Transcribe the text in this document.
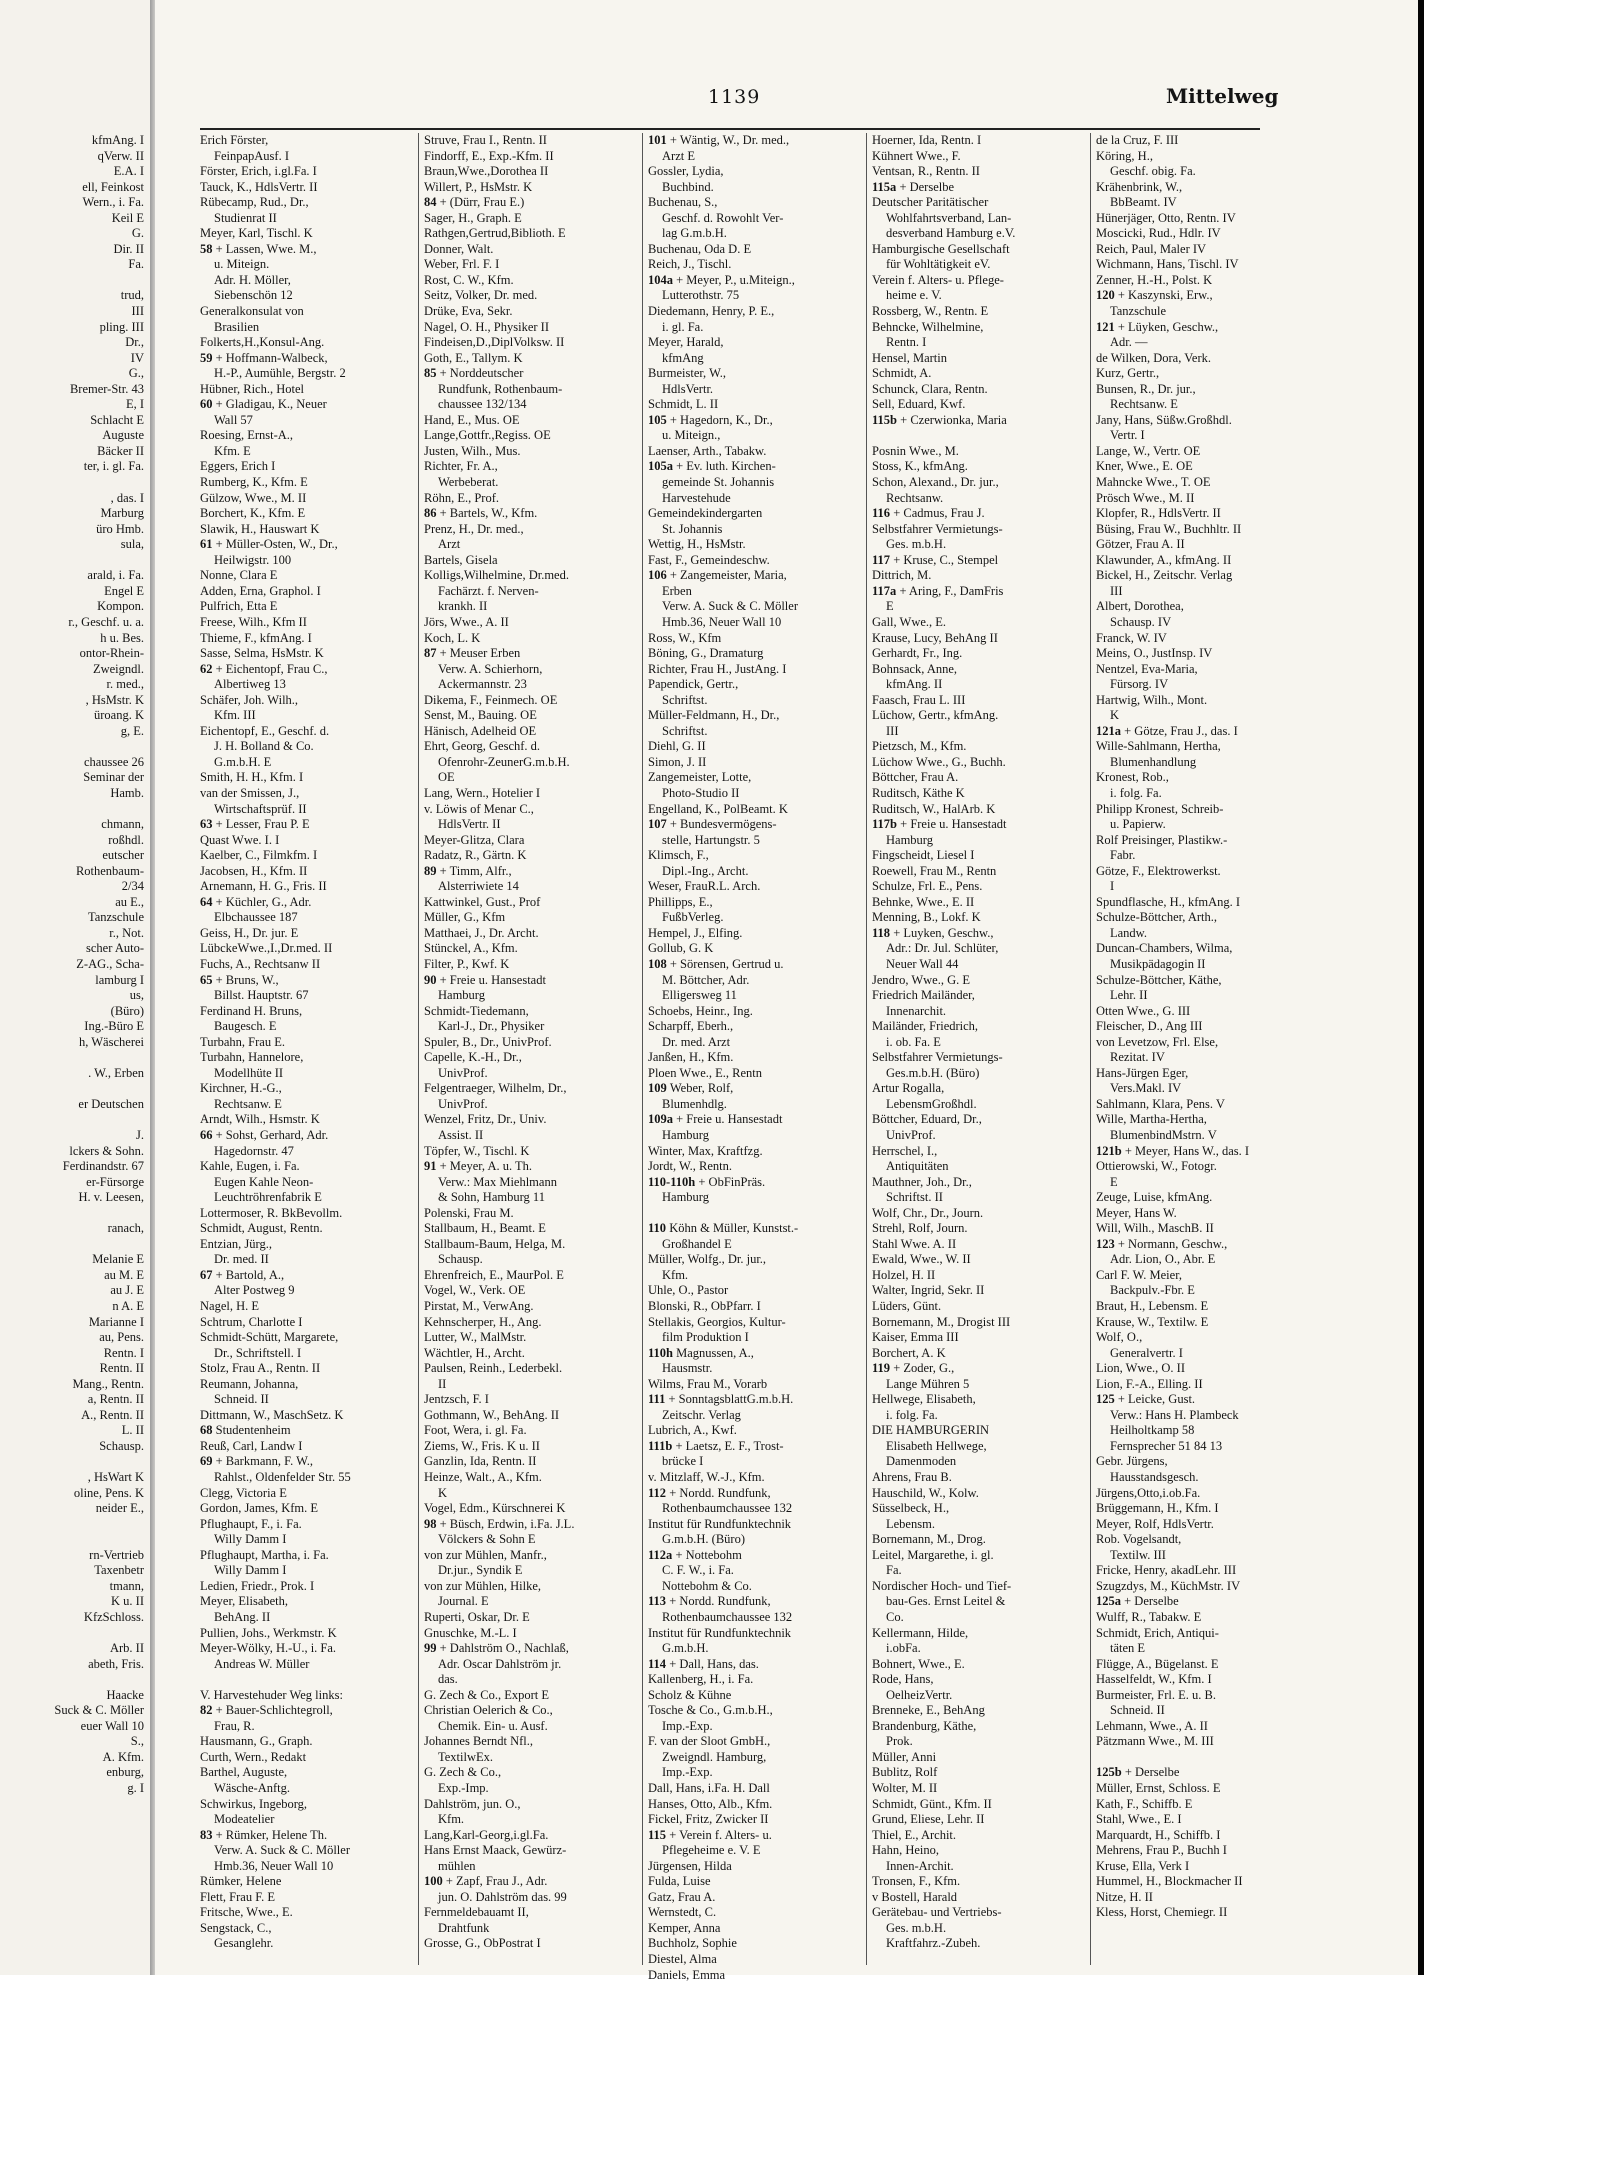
kfmAng. I

qVerw. II

E.A. I

ell, Feinkost

Wern., i. Fa.

Keil E

G.

Dir. II

Fa.

trud,

III

pling. III

Dr.,

IV

G.,

Bremer-Str. 43

E, I

Schlacht E

Auguste

Bäcker II

ter, i. gl. Fa.

, das. I

Marburg

üro Hmb.

sula,

arald, i. Fa.

Engel E

Kompon.

r., Geschf. u. a.

h u. Bes.

ontor-Rhein-

Zweigndl.

r. med.,

, HsMstr. K

üroang. K

g, E.

chaussee 26

Seminar der

Hamb.

chmann,

roßhdl.

eutscher

Rothenbaum-

2/34

au E.,

Tanzschule

r., Not.

scher Auto-

Z-AG., Scha-

lamburg I

us,

(Büro)

Ing.-Büro E

h, Wäscherei

. W., Erben

er Deutschen

J.

lckers & Sohn.

Ferdinandstr. 67

er-Fürsorge

H. v. Leesen,

ranach,

Melanie E

au M. E

au J. E

n A. E

Marianne I

au, Pens.

Rentn. I

Rentn. II

Mang., Rentn.

a, Rentn. II

A., Rentn. II

L. II

Schausp.

, HsWart K

oline, Pens. K

neider E.,

rn-Vertrieb

Taxenbetr

tmann,

K u. II

KfzSchloss.

Arb. II

abeth, Fris.

Haacke

Suck & C. Möller

euer Wall 10

S.,

A. Kfm.

enburg,

g. I

1139	Mittelweg

Erich Förster,

FeinpapAusf. I

Förster, Erich, i.gl.Fa. I

Tauck, K., HdlsVertr. II

Rübecamp, Rud., Dr.,

Studienrat II

Meyer, Karl, Tischl. K

58 + Lassen, Wwe. M.,

u. Miteign.

Adr. H. Möller,

Siebenschön 12

Generalkonsulat von

Brasilien

Folkerts,H.,Konsul-Ang.

59 + Hoffmann-Walbeck,

H.-P., Aumühle, Bergstr. 2

Hübner, Rich., Hotel

60 + Gladigau, K., Neuer

Wall 57

Roesing, Ernst-A.,

Kfm. E

Eggers, Erich I

Rumberg, K., Kfm. E

Gülzow, Wwe., M. II

Borchert, K., Kfm. E

Slawik, H., Hauswart K

61 + Müller-Osten, W., Dr.,

Heilwigstr. 100

Nonne, Clara E

Adden, Erna, Graphol. I

Pulfrich, Etta E

Freese, Wilh., Kfm II

Thieme, F., kfmAng. I

Sasse, Selma, HsMstr. K

62 + Eichentopf, Frau C.,

Albertiweg 13

Schäfer, Joh. Wilh.,

Kfm. III

Eichentopf, E., Geschf. d.

J. H. Bolland & Co.

G.m.b.H. E

Smith, H. H., Kfm. I

van der Smissen, J.,

Wirtschaftsprüf. II

63 + Lesser, Frau P. E

Quast Wwe. I. I

Kaelber, C., Filmkfm. I

Jacobsen, H., Kfm. II

Arnemann, H. G., Fris. II

64 + Küchler, G., Adr.

Elbchaussee 187

Geiss, H., Dr. jur. E

LübckeWwe.,I.,Dr.med. II

Fuchs, A., Rechtsanw II

65 + Bruns, W.,

Billst. Hauptstr. 67

Ferdinand H. Bruns,

Baugesch. E

Turbahn, Frau E.

Turbahn, Hannelore,

Modellhüte II

Kirchner, H.-G.,

Rechtsanw. E

Arndt, Wilh., Hsmstr. K

66 + Sohst, Gerhard, Adr.

Hagedornstr. 47

Kahle, Eugen, i. Fa.

Eugen Kahle Neon-

Leuchtröhrenfabrik E

Lottermoser, R. BkBevollm.

Schmidt, August, Rentn.

Entzian, Jürg.,

Dr. med. II

67 + Bartold, A.,

Alter Postweg 9

Nagel, H. E

Schtrum, Charlotte I

Schmidt-Schütt, Margarete,

Dr., Schriftstell. I

Stolz, Frau A., Rentn. II

Reumann, Johanna,

Schneid. II

Dittmann, W., MaschSetz. K

68 Studentenheim

Reuß, Carl, Landw I

69 + Barkmann, F. W.,

Rahlst., Oldenfelder Str. 55

Clegg, Victoria E

Gordon, James, Kfm. E

Pflughaupt, F., i. Fa.

Willy Damm I

Pflughaupt, Martha, i. Fa.

Willy Damm I

Ledien, Friedr., Prok. I

Meyer, Elisabeth,

BehAng. II

Pullien, Johs., Werkmstr. K

Meyer-Wölky, H.-U., i. Fa.

Andreas W. Müller

V. Harvestehuder Weg links:

82 + Bauer-Schlichtegroll,

Frau, R.

Hausmann, G., Graph.

Curth, Wern., Redakt

Barthel, Auguste,

Wäsche-Anftg.

Schwirkus, Ingeborg,

Modeatelier

83 + Rümker, Helene Th.

Verw. A. Suck & C. Möller

Hmb.36, Neuer Wall 10

Rümker, Helene

Flett, Frau F. E

Fritsche, Wwe., E.

Sengstack, C.,

Gesanglehr.

Struve, Frau I., Rentn. II

Findorff, E., Exp.-Kfm. II

Braun,Wwe.,Dorothea II

Willert, P., HsMstr. K

84 + (Dürr, Frau E.)

Sager, H., Graph. E

Rathgen,Gertrud,Biblioth. E

Donner, Walt.

Weber, Frl. F. I

Rost, C. W., Kfm.

Seitz, Volker, Dr. med.

Drüke, Eva, Sekr.

Nagel, O. H., Physiker II

Findeisen,D.,DiplVolksw. II

Goth, E., Tallym. K

85 + Norddeutscher

Rundfunk, Rothenbaum-

chaussee 132/134

Hand, E., Mus. OE

Lange,Gottfr.,Regiss. OE

Justen, Wilh., Mus.

Richter, Fr. A.,

Werbeberat.

Röhn, E., Prof.

86 + Bartels, W., Kfm.

Prenz, H., Dr. med.,

Arzt

Bartels, Gisela

Kolligs,Wilhelmine, Dr.med.

Fachärzt. f. Nerven-

krankh. II

Jörs, Wwe., A. II

Koch, L. K

87 + Meuser Erben

Verw. A. Schierhorn,

Ackermannstr. 23

Dikema, F., Feinmech. OE

Senst, M., Bauing. OE

Hänisch, Adelheid OE

Ehrt, Georg, Geschf. d.

Ofenrohr-ZeunerG.m.b.H.

OE

Lang, Wern., Hotelier I

v. Löwis of Menar C.,

HdlsVertr. II

Meyer-Glitza, Clara

Radatz, R., Gärtn. K

89 + Timm, Alfr.,

Alsterriwiete 14

Kattwinkel, Gust., Prof

Müller, G., Kfm

Matthaei, J., Dr. Archt.

Stünckel, A., Kfm.

Filter, P., Kwf. K

90 + Freie u. Hansestadt

Hamburg

Schmidt-Tiedemann,

Karl-J., Dr., Physiker

Spuler, B., Dr., UnivProf.

Capelle, K.-H., Dr.,

UnivProf.

Felgentraeger, Wilhelm, Dr.,

UnivProf.

Wenzel, Fritz, Dr., Univ.

Assist. II

Töpfer, W., Tischl. K

91 + Meyer, A. u. Th.

Verw.: Max Miehlmann

& Sohn, Hamburg 11

Polenski, Frau M.

Stallbaum, H., Beamt. E

Stallbaum-Baum, Helga, M.

Schausp.

Ehrenfreich, E., MaurPol. E

Vogel, W., Verk. OE

Pirstat, M., VerwAng.

Kehnscherper, H., Ang.

Lutter, W., MalMstr.

Wächtler, H., Archt.

Paulsen, Reinh., Lederbekl.

II

Jentzsch, F. I

Gothmann, W., BehAng. II

Foot, Wera, i. gl. Fa.

Ziems, W., Fris. K u. II

Ganzlin, Ida, Rentn. II

Heinze, Walt., A., Kfm.

K

Vogel, Edm., Kürschnerei K

98 + Büsch, Erdwin, i.Fa. J.L.

Völckers & Sohn E

von zur Mühlen, Manfr.,

Dr.jur., Syndik E

von zur Mühlen, Hilke,

Journal. E

Ruperti, Oskar, Dr. E

Gnuschke, M.-L. I

99 + Dahlström O., Nachlaß,

Adr. Oscar Dahlström jr.

das.

G. Zech & Co., Export E

Christian Oelerich & Co.,

Chemik. Ein- u. Ausf.

Johannes Berndt Nfl.,

TextilwEx.

G. Zech & Co.,

Exp.-Imp.

Dahlström, jun. O.,

Kfm.

Lang,Karl-Georg,i.gl.Fa.

Hans Ernst Maack, Gewürz-

mühlen

100 + Zapf, Frau J., Adr.

jun. O. Dahlström das. 99

Fernmeldebauamt II,

Drahtfunk

Grosse, G., ObPostrat I

101 + Wäntig, W., Dr. med.,

Arzt E

Gossler, Lydia,

Buchbind.

Buchenau, S.,

Geschf. d. Rowohlt Ver-

lag G.m.b.H.

Buchenau, Oda D. E

Reich, J., Tischl.

104a + Meyer, P., u.Miteign.,

Lutterothstr. 75

Diedemann, Henry, P. E.,

i. gl. Fa.

Meyer, Harald,

kfmAng

Burmeister, W.,

HdlsVertr.

Schmidt, L. II

105 + Hagedorn, K., Dr.,

u. Miteign.,

Laenser, Arth., Tabakw.

105a + Ev. luth. Kirchen-

gemeinde St. Johannis

Harvestehude

Gemeindekindergarten

St. Johannis

Wettig, H., HsMstr.

Fast, F., Gemeindeschw.

106 + Zangemeister, Maria,

Erben

Verw. A. Suck & C. Möller

Hmb.36, Neuer Wall 10

Ross, W., Kfm

Böning, G., Dramaturg

Richter, Frau H., JustAng. I

Papendick, Gertr.,

Schriftst.

Müller-Feldmann, H., Dr.,

Schriftst.

Diehl, G. II

Simon, J. II

Zangemeister, Lotte,

Photo-Studio II

Engelland, K., PolBeamt. K

107 + Bundesvermögens-

stelle, Hartungstr. 5

Klimsch, F.,

Dipl.-Ing., Archt.

Weser, FrauR.L. Arch.

Phillipps, E.,

FußbVerleg.

Hempel, J., Elfing.

Gollub, G. K

108 + Sörensen, Gertrud u.

M. Böttcher, Adr.

Elligersweg 11

Schoebs, Heinr., Ing.

Scharpff, Eberh.,

Dr. med. Arzt

Janßen, H., Kfm.

Ploen Wwe., E., Rentn

109 Weber, Rolf,

Blumenhdlg.

109a + Freie u. Hansestadt

Hamburg

Winter, Max, Kraftfzg.

Jordt, W., Rentn.

110-110h + ObFinPräs.

Hamburg

110 Köhn & Müller, Kunstst.-

Großhandel E

Müller, Wolfg., Dr. jur.,

Kfm.

Uhle, O., Pastor

Blonski, R., ObPfarr. I

Stellakis, Georgios, Kultur-

film Produktion I

110h Magnussen, A.,

Hausmstr.

Wilms, Frau M., Vorarb

111 + SonntagsblattG.m.b.H.

Zeitschr. Verlag

Lubrich, A., Kwf.

111b + Laetsz, E. F., Trost-

brücke I

v. Mitzlaff, W.-J., Kfm.

112 + Nordd. Rundfunk,

Rothenbaumchaussee 132

Institut für Rundfunktechnik

G.m.b.H. (Büro)

112a + Nottebohm

C. F. W., i. Fa.

Nottebohm & Co.

113 + Nordd. Rundfunk,

Rothenbaumchaussee 132

Institut für Rundfunktechnik

G.m.b.H.

114 + Dall, Hans, das.

Kallenberg, H., i. Fa.

Scholz & Kühne

Tosche & Co., G.m.b.H.,

Imp.-Exp.

F. van der Sloot GmbH.,

Zweigndl. Hamburg,

Imp.-Exp.

Dall, Hans, i.Fa. H. Dall

Hanses, Otto, Alb., Kfm.

Fickel, Fritz, Zwicker II

115 + Verein f. Alters- u.

Pflegeheime e. V. E

Jürgensen, Hilda

Fulda, Luise

Gatz, Frau A.

Wernstedt, C.

Kemper, Anna

Buchholz, Sophie

Diestel, Alma

Daniels, Emma

Hoerner, Ida, Rentn. I

Kühnert Wwe., F.

Ventsan, R., Rentn. II

115a + Derselbe

Deutscher Paritätischer

Wohlfahrtsverband, Lan-

desverband Hamburg e.V.

Hamburgische Gesellschaft

für Wohltätigkeit eV.

Verein f. Alters- u. Pflege-

heime e. V.

Rossberg, W., Rentn. E

Behncke, Wilhelmine,

Rentn. I

Hensel, Martin

Schmidt, A.

Schunck, Clara, Rentn.

Sell, Eduard, Kwf.

115b + Czerwionka, Maria

Posnin Wwe., M.

Stoss, K., kfmAng.

Schon, Alexand., Dr. jur.,

Rechtsanw.

116 + Cadmus, Frau J.

Selbstfahrer Vermietungs-

Ges. m.b.H.

117 + Kruse, C., Stempel

Dittrich, M.

117a + Aring, F., DamFris

E

Gall, Wwe., E.

Krause, Lucy, BehAng II

Gerhardt, Fr., Ing.

Bohnsack, Anne,

kfmAng. II

Faasch, Frau L. III

Lüchow, Gertr., kfmAng.

III

Pietzsch, M., Kfm.

Lüchow Wwe., G., Buchh.

Böttcher, Frau A.

Ruditsch, Käthe K

Ruditsch, W., HalArb. K

117b + Freie u. Hansestadt

Hamburg

Fingscheidt, Liesel I

Roewell, Frau M., Rentn

Schulze, Frl. E., Pens.

Behnke, Wwe., E. II

Menning, B., Lokf. K

118 + Luyken, Geschw.,

Adr.: Dr. Jul. Schlüter,

Neuer Wall 44

Jendro, Wwe., G. E

Friedrich Mailänder,

Innenarchit.

Mailänder, Friedrich,

i. ob. Fa. E

Selbstfahrer Vermietungs-

Ges.m.b.H. (Büro)

Artur Rogalla,

LebensmGroßhdl.

Böttcher, Eduard, Dr.,

UnivProf.

Herrschel, I.,

Antiquitäten

Mauthner, Joh., Dr.,

Schriftst. II

Wolf, Chr., Dr., Journ.

Strehl, Rolf, Journ.

Stahl Wwe. A. II

Ewald, Wwe., W. II

Holzel, H. II

Walter, Ingrid, Sekr. II

Lüders, Günt.

Bornemann, M., Drogist III

Kaiser, Emma III

Borchert, A. K

119 + Zoder, G.,

Lange Mühren 5

Hellwege, Elisabeth,

i. folg. Fa.

DIE HAMBURGERIN

Elisabeth Hellwege,

Damenmoden

Ahrens, Frau B.

Hauschild, W., Kolw.

Süsselbeck, H.,

Lebensm.

Bornemann, M., Drog.

Leitel, Margarethe, i. gl.

Fa.

Nordischer Hoch- und Tief-

bau-Ges. Ernst Leitel &

Co.

Kellermann, Hilde,

i.obFa.

Bohnert, Wwe., E.

Rode, Hans,

OelheizVertr.

Brenneke, E., BehAng

Brandenburg, Käthe,

Prok.

Müller, Anni

Bublitz, Rolf

Wolter, M. II

Schmidt, Günt., Kfm. II

Grund, Eliese, Lehr. II

Thiel, E., Archit.

Hahn, Heino,

Innen-Archit.

Tronsen, F., Kfm.

v Bostell, Harald

Gerätebau- und Vertriebs-

Ges. m.b.H.

Kraftfahrz.-Zubeh.

de la Cruz, F. III

Köring, H.,

Geschf. obig. Fa.

Krähenbrink, W.,

BbBeamt. IV

Hünerjäger, Otto, Rentn. IV

Moscicki, Rud., Hdlr. IV

Reich, Paul, Maler IV

Wichmann, Hans, Tischl. IV

Zenner, H.-H., Polst. K

120 + Kaszynski, Erw.,

Tanzschule

121 + Lüyken, Geschw.,

Adr. —

de Wilken, Dora, Verk.

Kurz, Gertr.,

Bunsen, R., Dr. jur.,

Rechtsanw. E

Jany, Hans, Süßw.Großhdl.

Vertr. I

Lange, W., Vertr. OE

Kner, Wwe., E. OE

Mahncke Wwe., T. OE

Prösch Wwe., M. II

Klopfer, R., HdlsVertr. II

Büsing, Frau W., Buchhltr. II

Götzer, Frau A. II

Klawunder, A., kfmAng. II

Bickel, H., Zeitschr. Verlag

III

Albert, Dorothea,

Schausp. IV

Franck, W. IV

Meins, O., JustInsp. IV

Nentzel, Eva-Maria,

Fürsorg. IV

Hartwig, Wilh., Mont.

K

121a + Götze, Frau J., das. I

Wille-Sahlmann, Hertha,

Blumenhandlung

Kronest, Rob.,

i. folg. Fa.

Philipp Kronest, Schreib-

u. Papierw.

Rolf Preisinger, Plastikw.-

Fabr.

Götze, F., Elektrowerkst.

I

Spundflasche, H., kfmAng. I

Schulze-Böttcher, Arth.,

Landw.

Duncan-Chambers, Wilma,

Musikpädagogin II

Schulze-Böttcher, Käthe,

Lehr. II

Otten Wwe., G. III

Fleischer, D., Ang III

von Levetzow, Frl. Else,

Rezitat. IV

Hans-Jürgen Eger,

Vers.Makl. IV

Sahlmann, Klara, Pens. V

Wille, Martha-Hertha,

BlumenbindMstrn. V

121b + Meyer, Hans W., das. I

Ottierowski, W., Fotogr.

E

Zeuge, Luise, kfmAng.

Meyer, Hans W.

Will, Wilh., MaschB. II

123 + Normann, Geschw.,

Adr. Lion, O., Abr. E

Carl F. W. Meier,

Backpulv.-Fbr. E

Braut, H., Lebensm. E

Krause, W., Textilw. E

Wolf, O.,

Generalvertr. I

Lion, Wwe., O. II

Lion, F.-A., Elling. II

125 + Leicke, Gust.

Verw.: Hans H. Plambeck

Heilholtkamp 58

Fernsprecher 51 84 13

Gebr. Jürgens,

Hausstandsgesch.

Jürgens,Otto,i.ob.Fa.

Brüggemann, H., Kfm. I

Meyer, Rolf, HdlsVertr.

Rob. Vogelsandt,

Textilw. III

Fricke, Henry, akadLehr. III

Szugzdys, M., KüchMstr. IV

125a + Derselbe

Wulff, R., Tabakw. E

Schmidt, Erich, Antiqui-

täten E

Flügge, A., Bügelanst. E

Hasselfeldt, W., Kfm. I

Burmeister, Frl. E. u. B.

Schneid. II

Lehmann, Wwe., A. II

Pätzmann Wwe., M. III

125b + Derselbe

Müller, Ernst, Schloss. E

Kath, F., Schiffb. E

Stahl, Wwe., E. I

Marquardt, H., Schiffb. I

Mehrens, Frau P., Buchh I

Kruse, Ella, Verk I

Hummel, H., Blockmacher II

Nitze, H. II

Kless, Horst, Chemiegr. II
